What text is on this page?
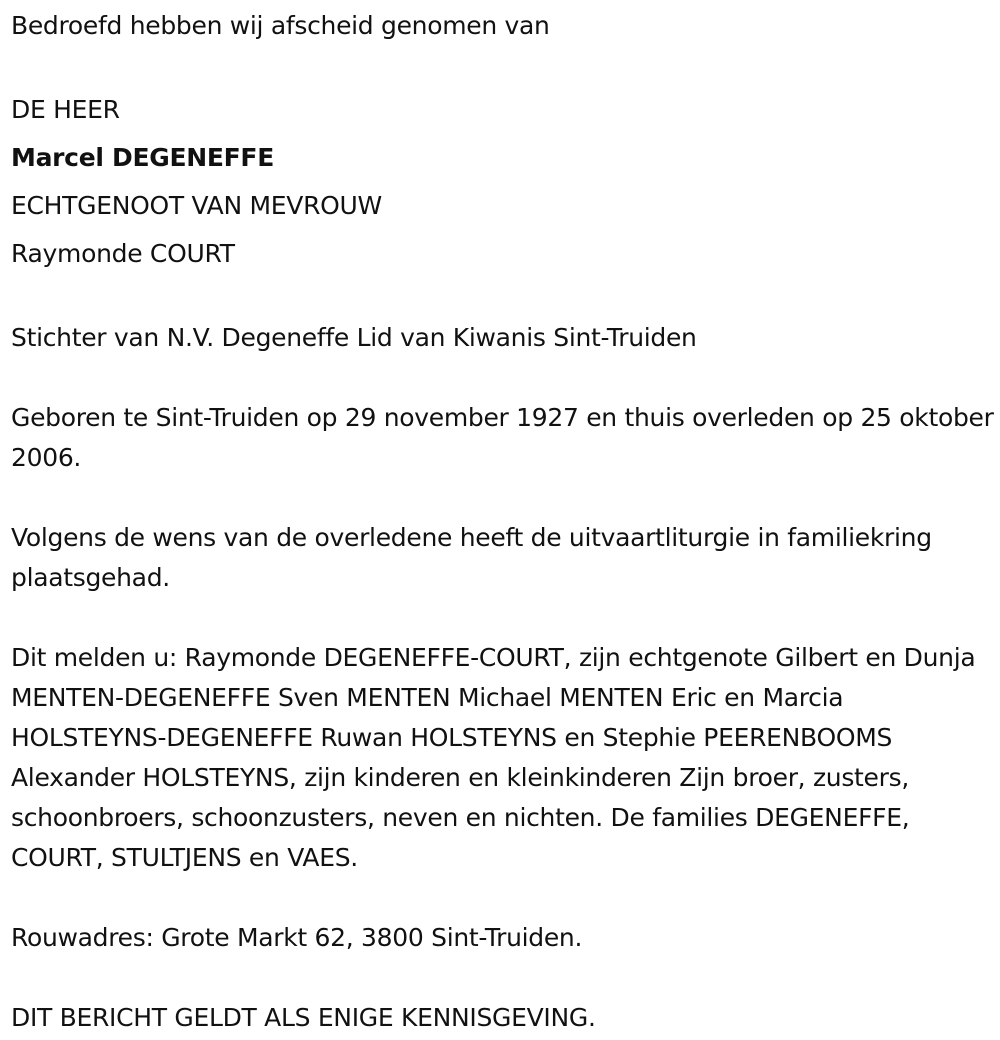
Bedroefd hebben wij afscheid genomen van

DE HEER

Marcel DEGENEFFE

ECHTGENOOT VAN MEVROUW

Raymonde COURT

Stichter van N.V. Degeneffe Lid van Kiwanis Sint-Truiden

Geboren te Sint-Truiden op 29 november 1927 en thuis overleden op 25 oktober 2006.

Volgens de wens van de overledene heeft de uitvaartliturgie in familiekring plaatsgehad.

Dit melden u: Raymonde DEGENEFFE-COURT, zijn echtgenote Gilbert en Dunja MENTEN-DEGENEFFE Sven MENTEN Michael MENTEN Eric en Marcia HOLSTEYNS-DEGENEFFE Ruwan HOLSTEYNS en Stephie PEERENBOOMS Alexander HOLSTEYNS, zijn kinderen en kleinkinderen Zijn broer, zusters, schoonbroers, schoonzusters, neven en nichten. De families DEGENEFFE, COURT, STULTJENS en VAES.

Rouwadres: Grote Markt 62, 3800 Sint-Truiden.

DIT BERICHT GELDT ALS ENIGE KENNISGEVING.
